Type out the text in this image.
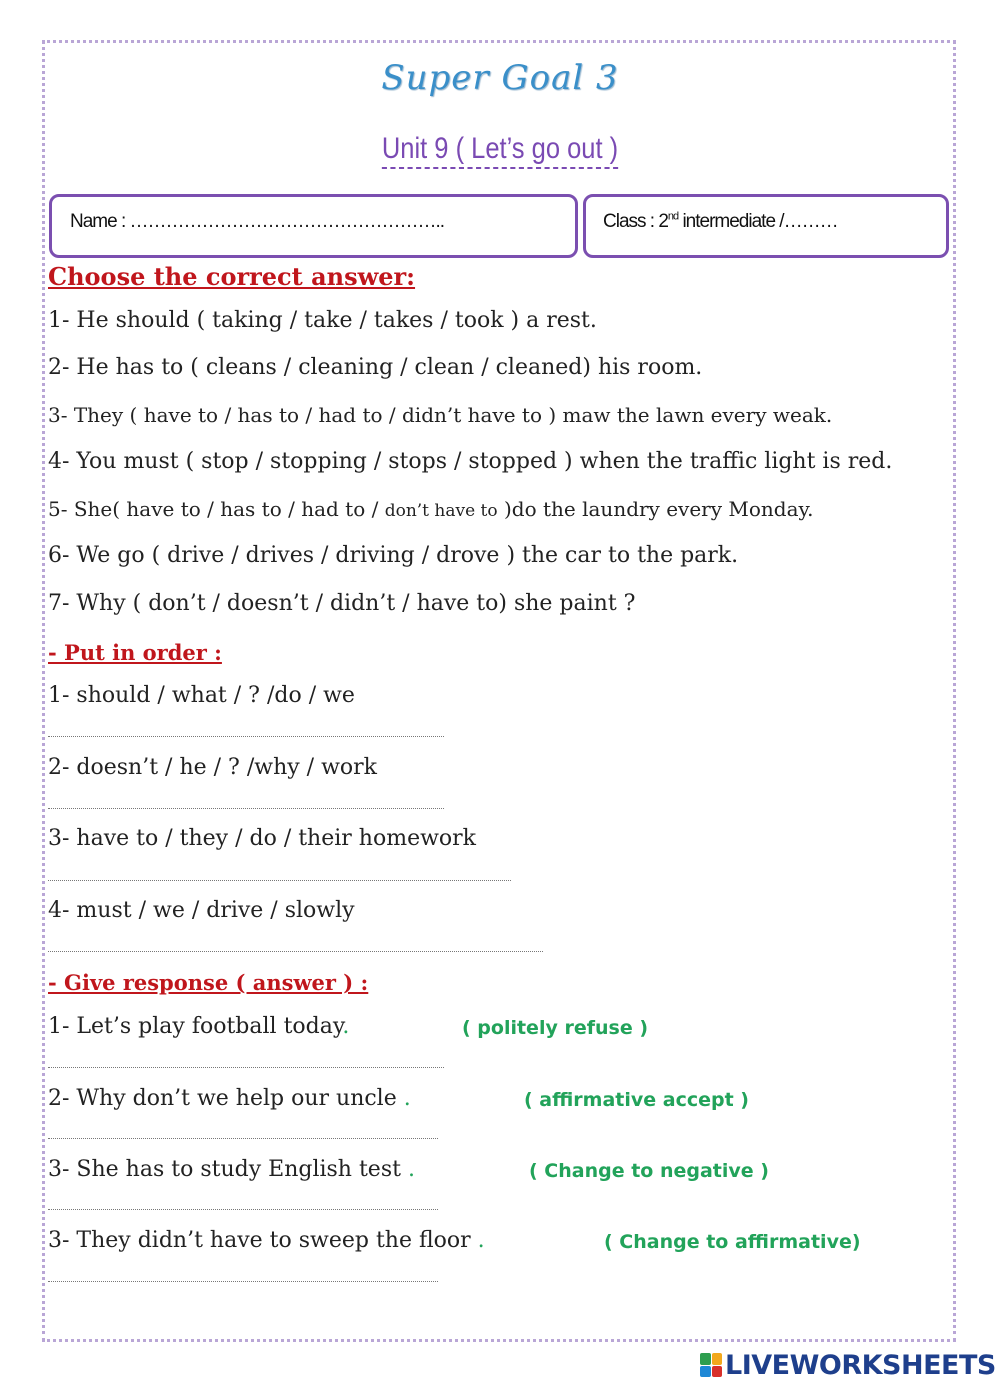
Super Goal 3
Unit 9 ( Let’s go out )
Name : ……………………………………………..	Class : 2nd intermediate /………
Choose the correct answer:
1- He should ( taking / take / takes / took ) a rest.
2- He has to ( cleans / cleaning / clean / cleaned) his room.
3- They ( have to / has to / had to / didn’t have to ) maw the lawn every weak.
4- You must ( stop / stopping / stops / stopped ) when the traffic light is red.
5- She( have to / has to / had to / don’t have to )do the laundry every Monday.
6- We go ( drive / drives / driving / drove ) the car to the park.
7- Why ( don’t / doesn’t / didn’t / have to) she paint ?
- Put in order :
1- should / what / ? /do / we
2- doesn’t / he / ? /why / work
3- have to / they / do / their homework
4- must / we / drive / slowly
- Give response ( answer ) :
1- Let’s play football today.	( politely refuse )
2- Why don’t we help our uncle .	( affirmative accept )
3- She has to study English test .	( Change to negative )
3- They didn’t have to sweep the floor .	( Change to affirmative)
LIVEWORKSHEETS
